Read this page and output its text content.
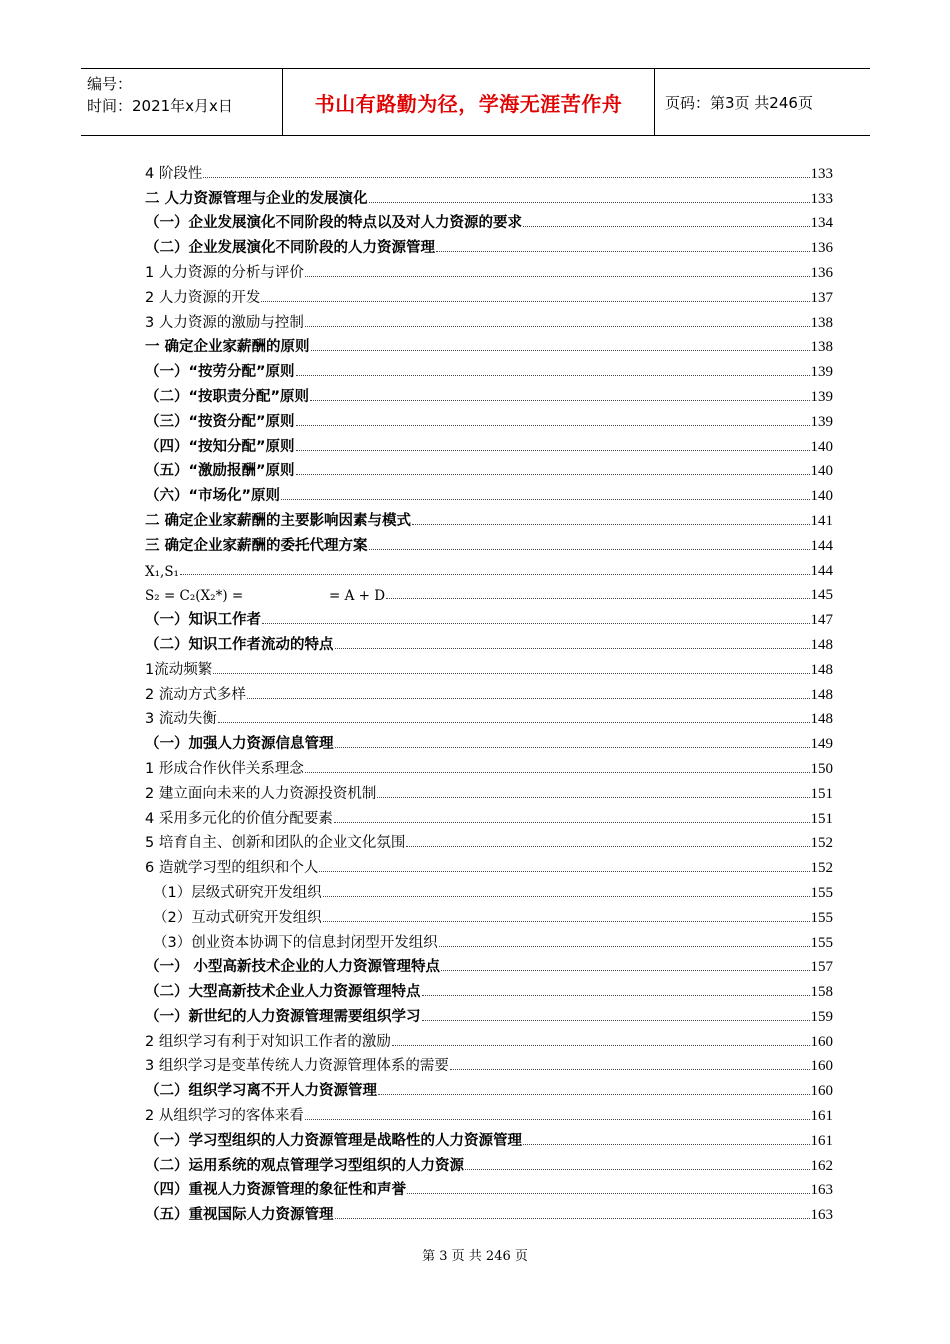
编号：
时间：2021年x月x日	书山有路勤为径，学海无涯苦作舟	页码：第3页 共246页
4 阶段性	133
二 人力资源管理与企业的发展演化	133
（一）企业发展演化不同阶段的特点以及对人力资源的要求	134
（二）企业发展演化不同阶段的人力资源管理	136
1 人力资源的分析与评价	136
2 人力资源的开发	137
3 人力资源的激励与控制	138
一 确定企业家薪酬的原则	138
（一）“按劳分配”原则	139
（二）“按职责分配”原则	139
（三）“按资分配”原则	139
（四）“按知分配”原则	140
（五）“激励报酬”原则	140
（六）“市场化”原则	140
二 确定企业家薪酬的主要影响因素与模式	141
三 确定企业家薪酬的委托代理方案	144
X₁,S₁	144
S₂ = C₂(X₂*) =                    = A + D	145
（一）知识工作者	147
（二）知识工作者流动的特点	148
1流动频繁	148
2 流动方式多样	148
3 流动失衡	148
（一）加强人力资源信息管理	149
1 形成合作伙伴关系理念	150
2 建立面向未来的人力资源投资机制	151
4 采用多元化的价值分配要素	151
5 培育自主、创新和团队的企业文化氛围	152
6 造就学习型的组织和个人	152
（1）层级式研究开发组织	155
（2）互动式研究开发组织	155
（3）创业资本协调下的信息封闭型开发组织	155
（一） 小型高新技术企业的人力资源管理特点	157
（二）大型高新技术企业人力资源管理特点	158
（一）新世纪的人力资源管理需要组织学习	159
2 组织学习有利于对知识工作者的激励	160
3 组织学习是变革传统人力资源管理体系的需要	160
（二）组织学习离不开人力资源管理	160
2 从组织学习的客体来看	161
（一）学习型组织的人力资源管理是战略性的人力资源管理	161
（二）运用系统的观点管理学习型组织的人力资源	162
（四）重视人力资源管理的象征性和声誉	163
（五）重视国际人力资源管理	163
第 3 页 共 246 页
